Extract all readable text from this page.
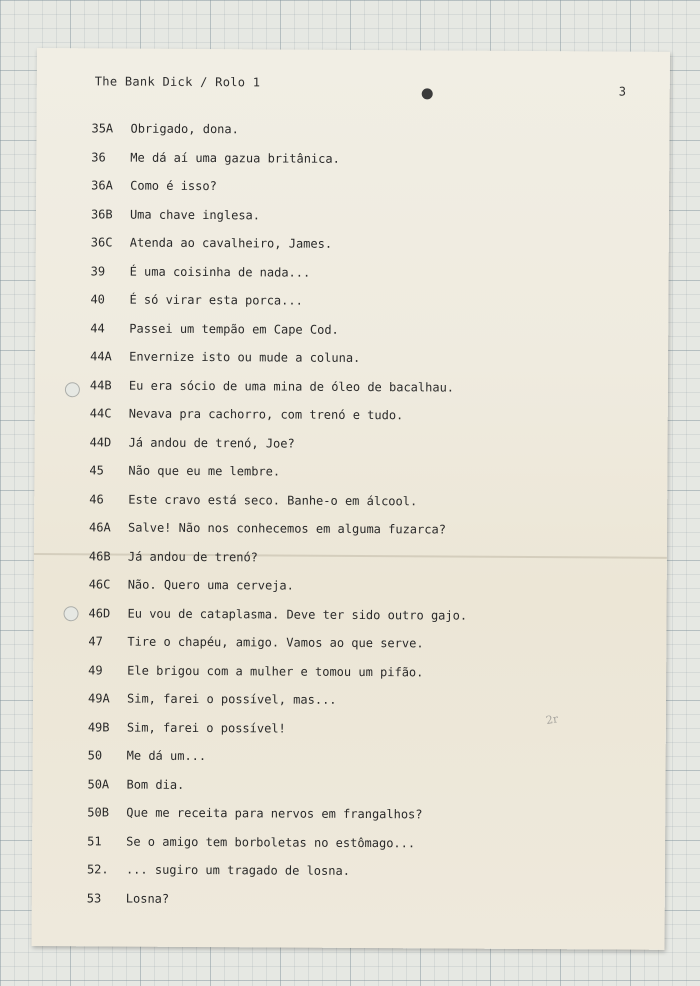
The Bank Dick / Rolo 1
3
35A	Obrigado, dona.
36	Me dá aí uma gazua britânica.
36A	Como é isso?
36B	Uma chave inglesa.
36C	Atenda ao cavalheiro, James.
39	É uma coisinha de nada...
40	É só virar esta porca...
44	Passei um tempão em Cape Cod.
44A	Envernize isto ou mude a coluna.
44B	Eu era sócio de uma mina de óleo de bacalhau.
44C	Nevava pra cachorro, com trenó e tudo.
44D	Já andou de trenó, Joe?
45	Não que eu me lembre.
46	Este cravo está seco. Banhe-o em álcool.
46A	Salve! Não nos conhecemos em alguma fuzarca?
46B	Já andou de trenó?
46C	Não. Quero uma cerveja.
46D	Eu vou de cataplasma. Deve ter sido outro gajo.
47	Tire o chapéu, amigo. Vamos ao que serve.
49	Ele brigou com a mulher e tomou um pifão.
49A	Sim, farei o possível, mas...
49B	Sim, farei o possível!
50	Me dá um...
50A	Bom dia.
50B	Que me receita para nervos em frangalhos?
51	Se o amigo tem borboletas no estômago...
52.	... sugiro um tragado de losna.
53	Losna?
2r
